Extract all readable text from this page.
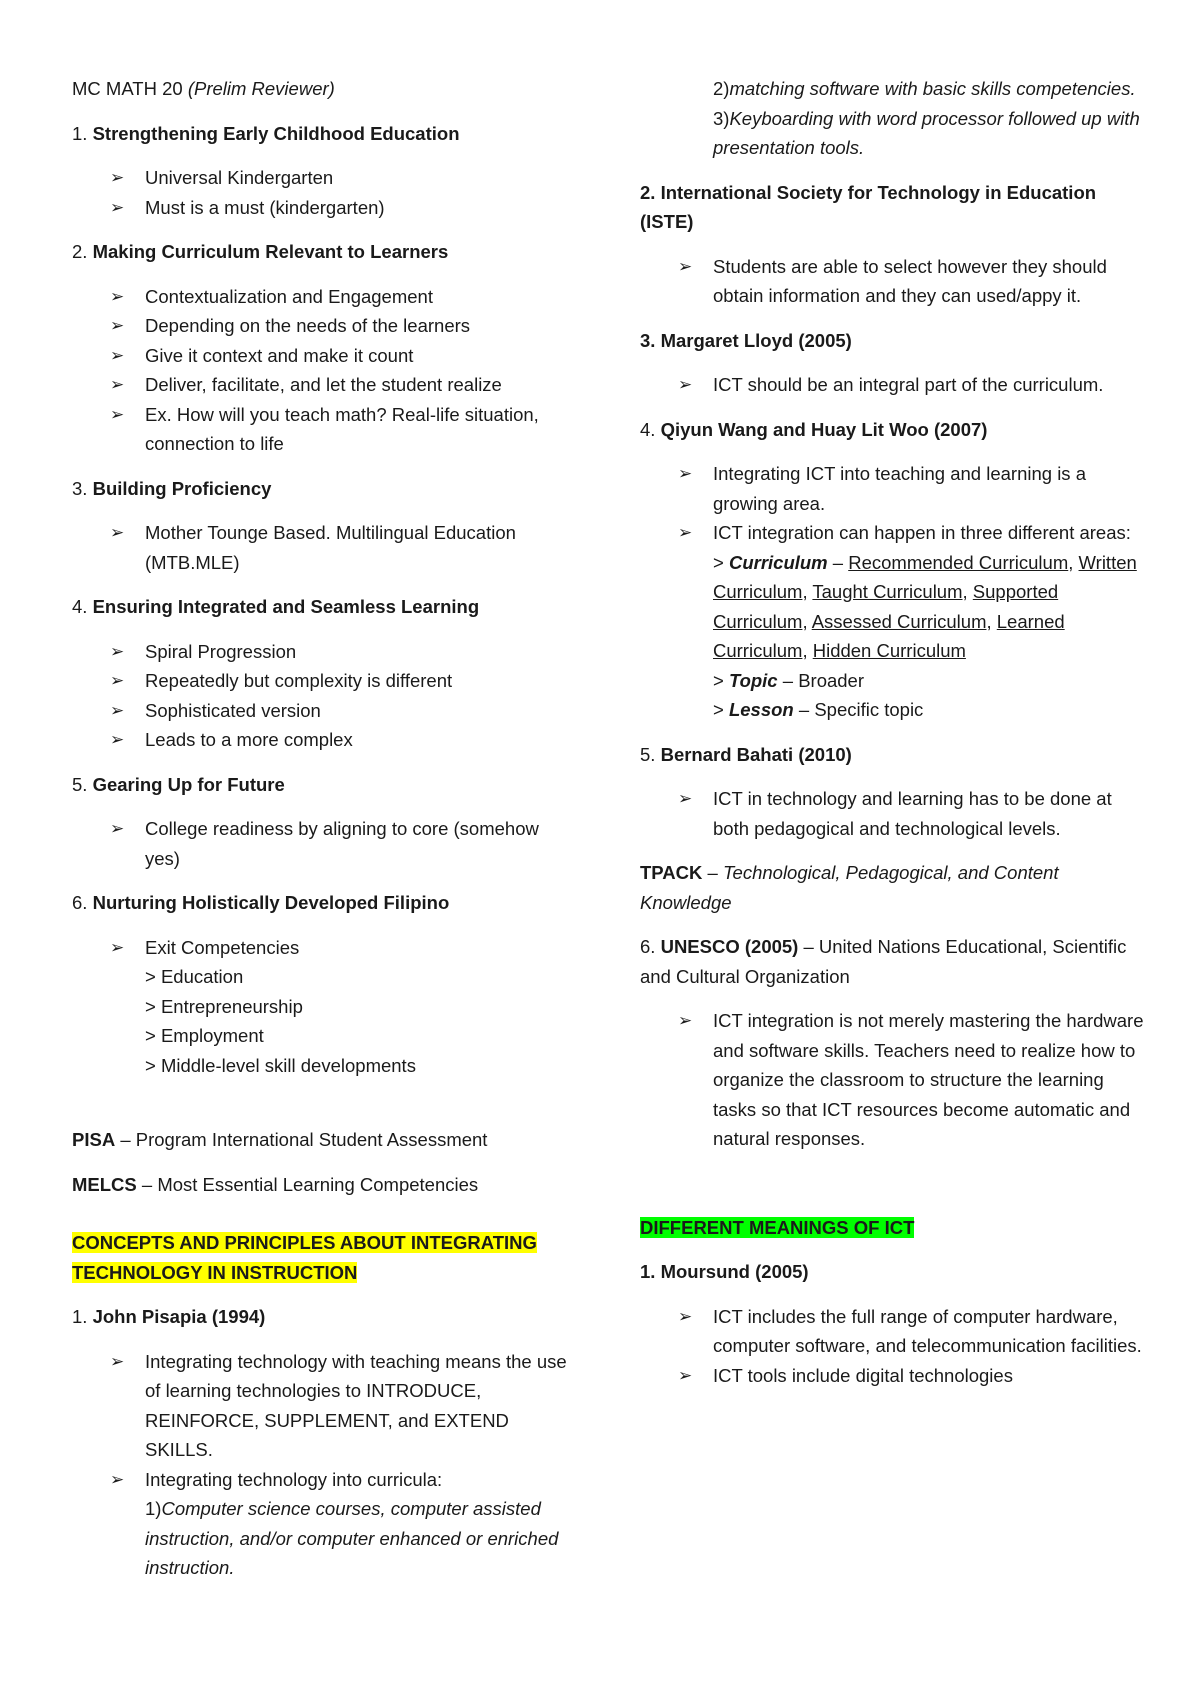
MC MATH 20 (Prelim Reviewer)

1. Strengthening Early Childhood Education

➢ Universal Kindergarten
➢ Must is a must (kindergarten)

2. Making Curriculum Relevant to Learners

➢ Contextualization and Engagement
➢ Depending on the needs of the learners
➢ Give it context and make it count
➢ Deliver, facilitate, and let the student realize
➢ Ex. How will you teach math? Real-life situation, connection to life

3. Building Proficiency

➢ Mother Tounge Based. Multilingual Education (MTB.MLE)

4. Ensuring Integrated and Seamless Learning

➢ Spiral Progression
➢ Repeatedly but complexity is different
➢ Sophisticated version
➢ Leads to a more complex

5. Gearing Up for Future

➢ College readiness by aligning to core (somehow yes)

6. Nurturing Holistically Developed Filipino

➢ Exit Competencies
> Education
> Entrepreneurship
> Employment
> Middle-level skill developments

PISA – Program International Student Assessment

MELCS – Most Essential Learning Competencies

CONCEPTS AND PRINCIPLES ABOUT INTEGRATING
TECHNOLOGY IN INSTRUCTION

1. John Pisapia (1994)

➢ Integrating technology with teaching means the use of learning technologies to INTRODUCE, REINFORCE, SUPPLEMENT, and EXTEND SKILLS.
➢ Integrating technology into curricula:
1)Computer science courses, computer assisted instruction, and/or computer enhanced or enriched instruction.

2)matching software with basic skills competencies.
3)Keyboarding with word processor followed up with presentation tools.

2. International Society for Technology in Education (ISTE)

➢ Students are able to select however they should obtain information and they can used/appy it.

3. Margaret Lloyd (2005)

➢ ICT should be an integral part of the curriculum.

4. Qiyun Wang and Huay Lit Woo (2007)

➢ Integrating ICT into teaching and learning is a growing area.
➢ ICT integration can happen in three different areas:
> Curriculum – Recommended Curriculum, Written Curriculum, Taught Curriculum, Supported Curriculum, Assessed Curriculum, Learned Curriculum, Hidden Curriculum
> Topic – Broader
> Lesson – Specific topic

5. Bernard Bahati (2010)

➢ ICT in technology and learning has to be done at both pedagogical and technological levels.

TPACK – Technological, Pedagogical, and Content Knowledge

6. UNESCO (2005) – United Nations Educational, Scientific and Cultural Organization

➢ ICT integration is not merely mastering the hardware and software skills. Teachers need to realize how to organize the classroom to structure the learning tasks so that ICT resources become automatic and natural responses.

DIFFERENT MEANINGS OF ICT

1. Moursund (2005)

➢ ICT includes the full range of computer hardware, computer software, and telecommunication facilities.
➢ ICT tools include digital technologies
